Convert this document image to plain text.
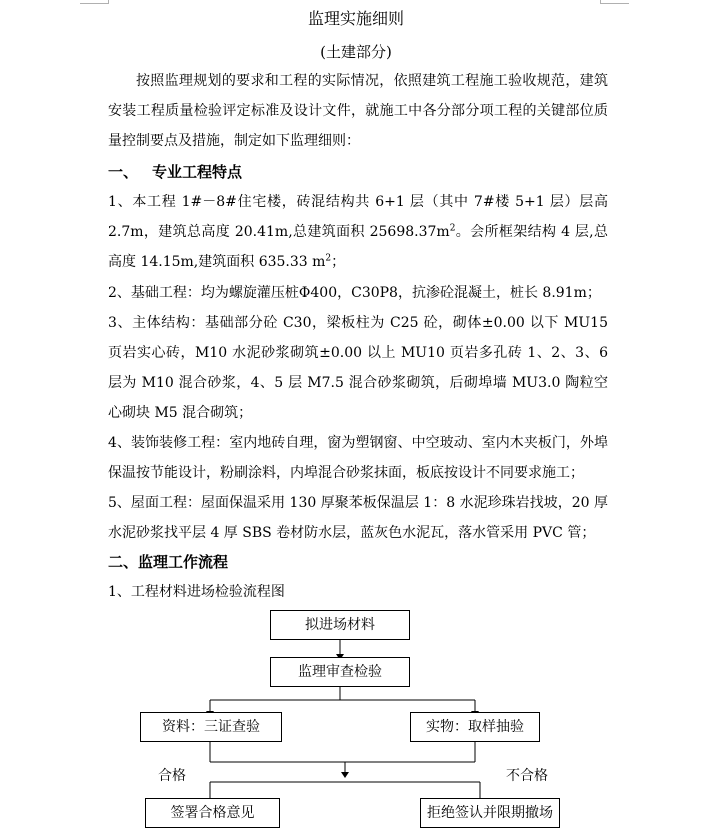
监理实施细则
(土建部分)
按照监理规划的要求和工程的实际情况，依照建筑工程施工验收规范，建筑安装工程质量检验评定标准及设计文件，就施工中各分部分项工程的关键部位质量控制要点及措施，制定如下监理细则：
一、 专业工程特点
1、本工程 1#－8#住宅楼，砖混结构共 6+1 层（其中 7#楼 5+1 层）层高 2.7m，建筑总高度 20.41m,总建筑面积 $25698.37m^2$。会所框架结构 4 层,总高度 14.15m,建筑面积 635.33 $m^2$；
2、基础工程：均为螺旋灌压桩Φ400，C30P8，抗渗砼混凝土，桩长 8.91m；
3、主体结构：基础部分砼 C30，梁板柱为 C25 砼，砌体±0.00 以下 MU15 页岩实心砖，M10 水泥砂浆砌筑±0.00 以上 MU10 页岩多孔砖 1、2、3、6 层为 M10 混合砂浆，4、5 层 M7.5 混合砂浆砌筑，后砌埠墙 MU3.0 陶粒空心砌块 M5 混合砌筑；
4、装饰装修工程：室内地砖自理，窗为塑钢窗、中空玻动、室内木夹板门，外埠保温按节能设计，粉刷涂料，内埠混合砂浆抹面，板底按设计不同要求施工；
5、屋面工程：屋面保温采用 130 厚聚苯板保温层 1：8 水泥珍珠岩找坡，20 厚水泥砂浆找平层 4 厚 SBS 卷材防水层，蓝灰色水泥瓦，落水管采用 PVC 管；
二、监理工作流程
1、工程材料进场检验流程图
拟进场材料
监理审查检验
资料：三证查验	实物：取样抽验
合格	不合格
签署合格意见	拒绝签认并限期撤场
